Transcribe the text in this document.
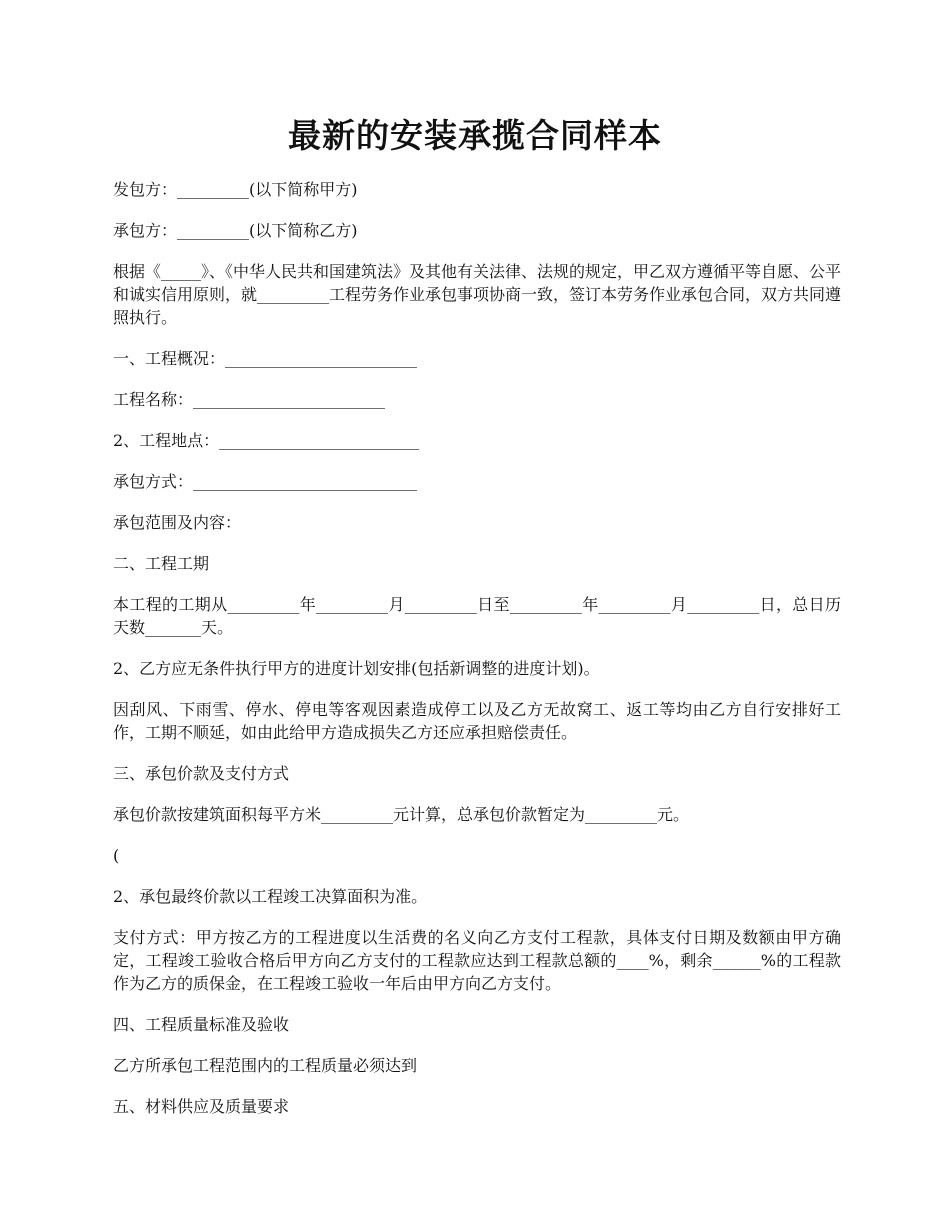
最新的安装承揽合同样本

发包方：_________(以下简称甲方)

承包方：_________(以下简称乙方)

根据《_____》、《中华人民共和国建筑法》及其他有关法律、法规的规定，甲乙双方遵循平等自愿、公平和诚实信用原则，就_________工程劳务作业承包事项协商一致，签订本劳务作业承包合同，双方共同遵照执行。

一、工程概况：________________________

工程名称：________________________

2、工程地点：_________________________

承包方式：____________________________

承包范围及内容：

二、工程工期

本工程的工期从_________年_________月_________日至_________年_________月_________日，总日历天数_______天。

2、乙方应无条件执行甲方的进度计划安排(包括新调整的进度计划)。

因刮风、下雨雪、停水、停电等客观因素造成停工以及乙方无故窝工、返工等均由乙方自行安排好工作，工期不顺延，如由此给甲方造成损失乙方还应承担赔偿责任。

三、承包价款及支付方式

承包价款按建筑面积每平方米_________元计算，总承包价款暂定为_________元。

(

2、承包最终价款以工程竣工决算面积为准。

支付方式：甲方按乙方的工程进度以生活费的名义向乙方支付工程款，具体支付日期及数额由甲方确定，工程竣工验收合格后甲方向乙方支付的工程款应达到工程款总额的____%，剩余______%的工程款作为乙方的质保金，在工程竣工验收一年后由甲方向乙方支付。

四、工程质量标准及验收

乙方所承包工程范围内的工程质量必须达到

五、材料供应及质量要求
